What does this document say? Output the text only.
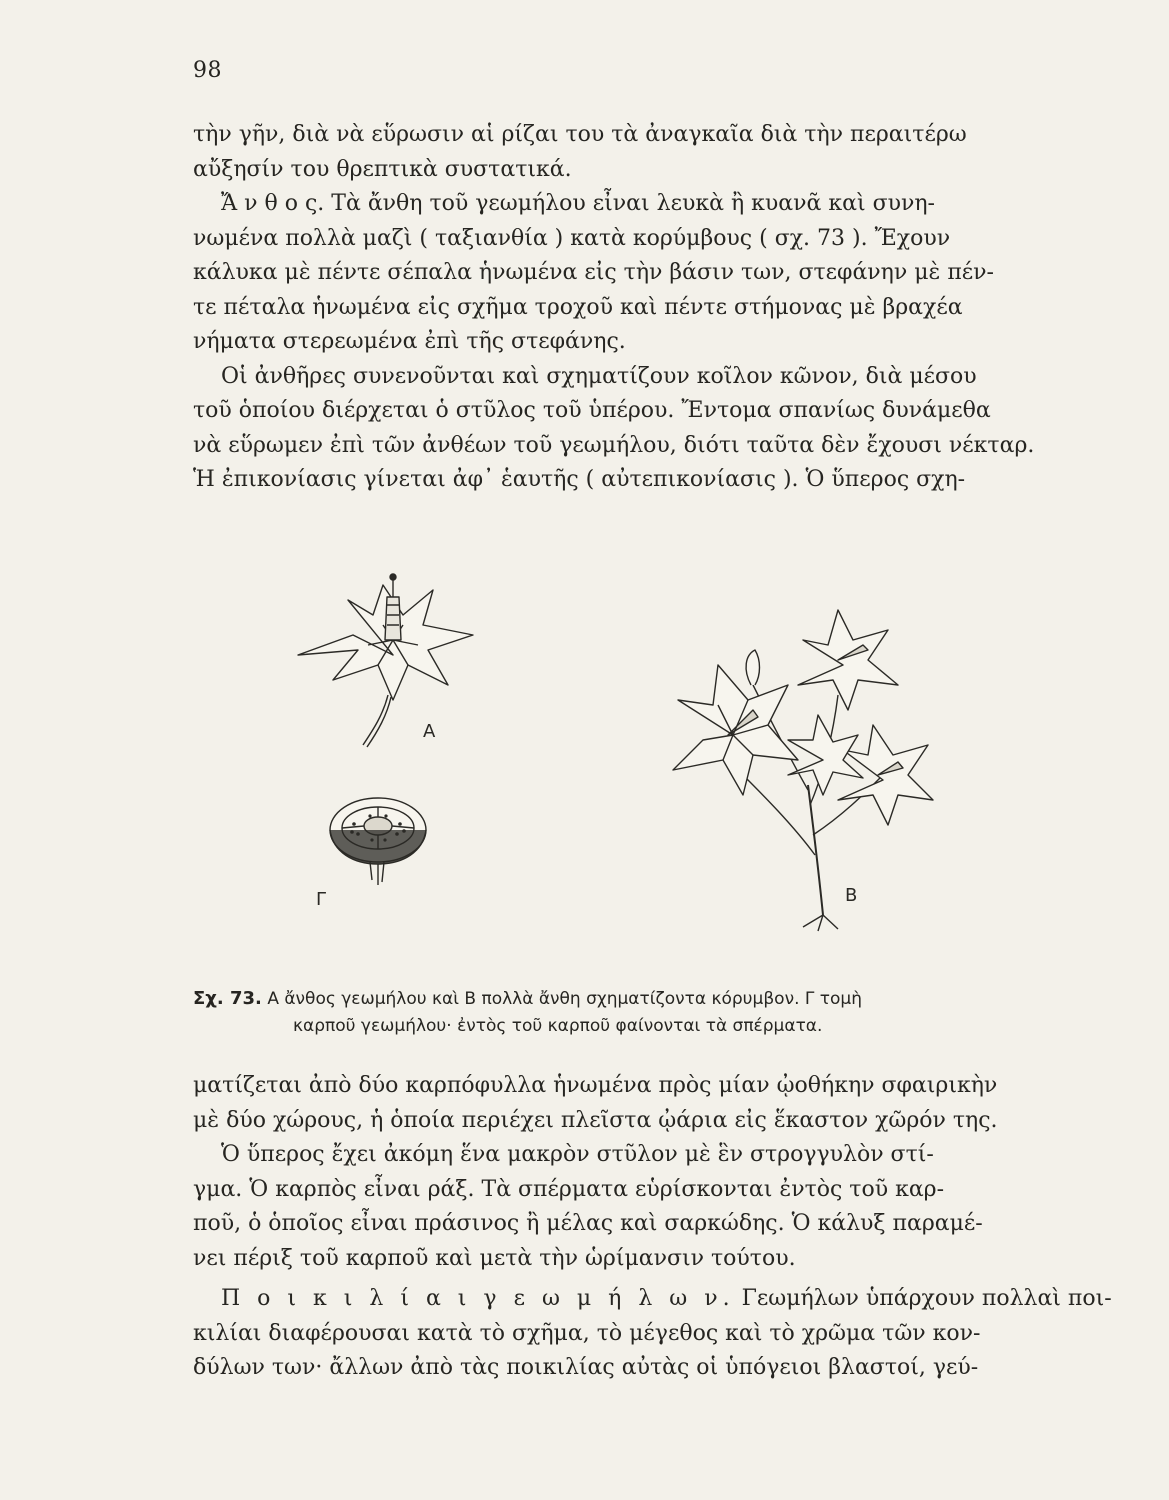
98
τὴν γῆν, διὰ νὰ εὕρωσιν αἱ ρίζαι του τὰ ἀναγκαῖα διὰ τὴν περαιτέρω
αὔξησίν του θρεπτικὰ συστατικά.
Ἄ ν θ ο ς. Τὰ ἄνθη τοῦ γεωμήλου εἶναι λευκὰ ἢ κυανᾶ καὶ συνη-
νωμένα πολλὰ μαζὶ ( ταξιανθία ) κατὰ κορύμβους ( σχ. 73 ). Ἔχουν
κάλυκα μὲ πέντε σέπαλα ἡνωμένα εἰς τὴν βάσιν των, στεφάνην μὲ πέν-
τε πέταλα ἡνωμένα εἰς σχῆμα τροχοῦ καὶ πέντε στήμονας μὲ βραχέα
νήματα στερεωμένα ἐπὶ τῆς στεφάνης.
Οἱ ἀνθῆρες συνενοῦνται καὶ σχηματίζουν κοῖλον κῶνον, διὰ μέσου
τοῦ ὁποίου διέρχεται ὁ στῦλος τοῦ ὑπέρου. Ἔντομα σπανίως δυνάμεθα
νὰ εὕρωμεν ἐπὶ τῶν ἀνθέων τοῦ γεωμήλου, διότι ταῦτα δὲν ἔχουσι νέκταρ.
Ἡ ἐπικονίασις γίνεται ἀφ᾽ ἑαυτῆς ( αὐτεπικονίασις ). Ὁ ὕπερος σχη-
A
B
Γ
Σχ. 73. Α ἄνθος γεωμήλου καὶ Β πολλὰ ἄνθη σχηματίζοντα κόρυμβον. Γ τομὴ
καρποῦ γεωμήλου· ἐντὸς τοῦ καρποῦ φαίνονται τὰ σπέρματα.
ματίζεται ἀπὸ δύο καρπόφυλλα ἡνωμένα πρὸς μίαν ᾠοθήκην σφαιρικὴν
μὲ δύο χώρους, ἡ ὁποία περιέχει πλεῖστα ᾠάρια εἰς ἕκαστον χῶρόν της.
Ὁ ὕπερος ἔχει ἀκόμη ἕνα μακρὸν στῦλον μὲ ἓν στρογγυλὸν στί-
γμα. Ὁ καρπὸς εἶναι ράξ. Τὰ σπέρματα εὑρίσκονται ἐντὸς τοῦ καρ-
ποῦ, ὁ ὁποῖος εἶναι πράσινος ἢ μέλας καὶ σαρκώδης. Ὁ κάλυξ παραμέ-
νει πέριξ τοῦ καρποῦ καὶ μετὰ τὴν ὡρίμανσιν τούτου.
Π ο ι κ ι λ ί α ι γ ε ω μ ή λ ω ν. Γεωμήλων ὑπάρχουν πολλαὶ ποι-
κιλίαι διαφέρουσαι κατὰ τὸ σχῆμα, τὸ μέγεθος καὶ τὸ χρῶμα τῶν κον-
δύλων των· ἄλλων ἀπὸ τὰς ποικιλίας αὐτὰς οἱ ὑπόγειοι βλαστοί, γεύ-
